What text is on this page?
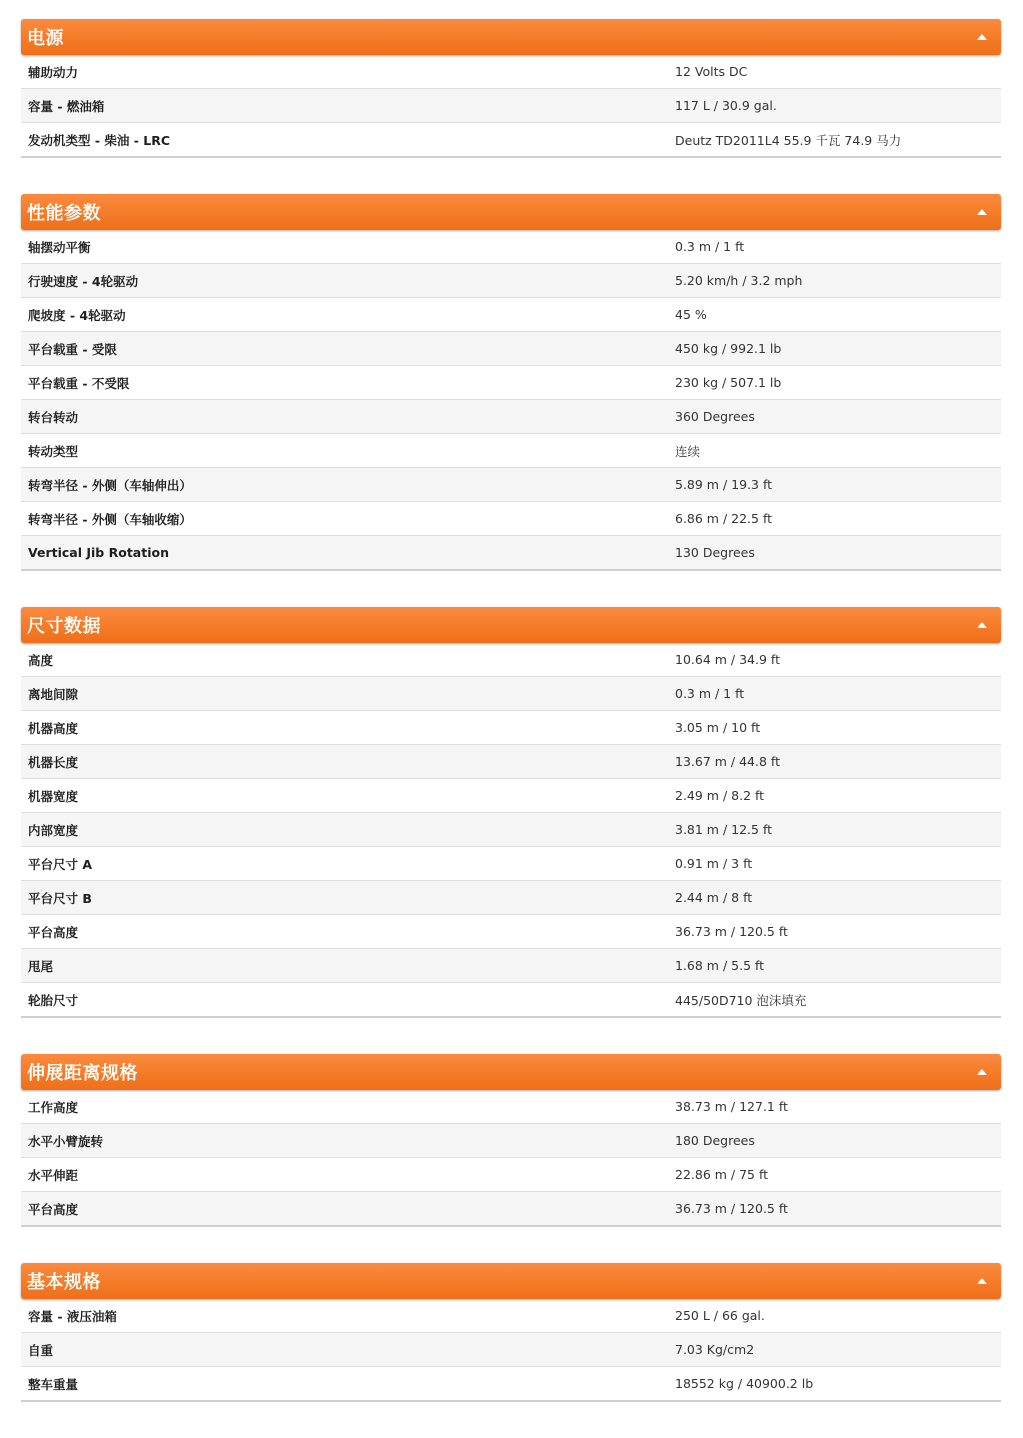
电源
辅助动力	12 Volts DC
容量 - 燃油箱	117 L / 30.9 gal.
发动机类型 - 柴油 - LRC	Deutz TD2011L4 55.9 千瓦 74.9 马力
性能参数
轴摆动平衡	0.3 m / 1 ft
行驶速度 - 4轮驱动	5.20 km/h / 3.2 mph
爬坡度 - 4轮驱动	45 %
平台载重 - 受限	450 kg / 992.1 lb
平台载重 - 不受限	230 kg / 507.1 lb
转台转动	360 Degrees
转动类型	连续
转弯半径 - 外侧（车轴伸出）	5.89 m / 19.3 ft
转弯半径 - 外侧（车轴收缩）	6.86 m / 22.5 ft
Vertical Jib Rotation	130 Degrees
尺寸数据
高度	10.64 m / 34.9 ft
离地间隙	0.3 m / 1 ft
机器高度	3.05 m / 10 ft
机器长度	13.67 m / 44.8 ft
机器宽度	2.49 m / 8.2 ft
内部宽度	3.81 m / 12.5 ft
平台尺寸 A	0.91 m / 3 ft
平台尺寸 B	2.44 m / 8 ft
平台高度	36.73 m / 120.5 ft
甩尾	1.68 m / 5.5 ft
轮胎尺寸	445/50D710 泡沫填充
伸展距离规格
工作高度	38.73 m / 127.1 ft
水平小臂旋转	180 Degrees
水平伸距	22.86 m / 75 ft
平台高度	36.73 m / 120.5 ft
基本规格
容量 - 液压油箱	250 L / 66 gal.
自重	7.03 Kg/cm2
整车重量	18552 kg / 40900.2 lb
